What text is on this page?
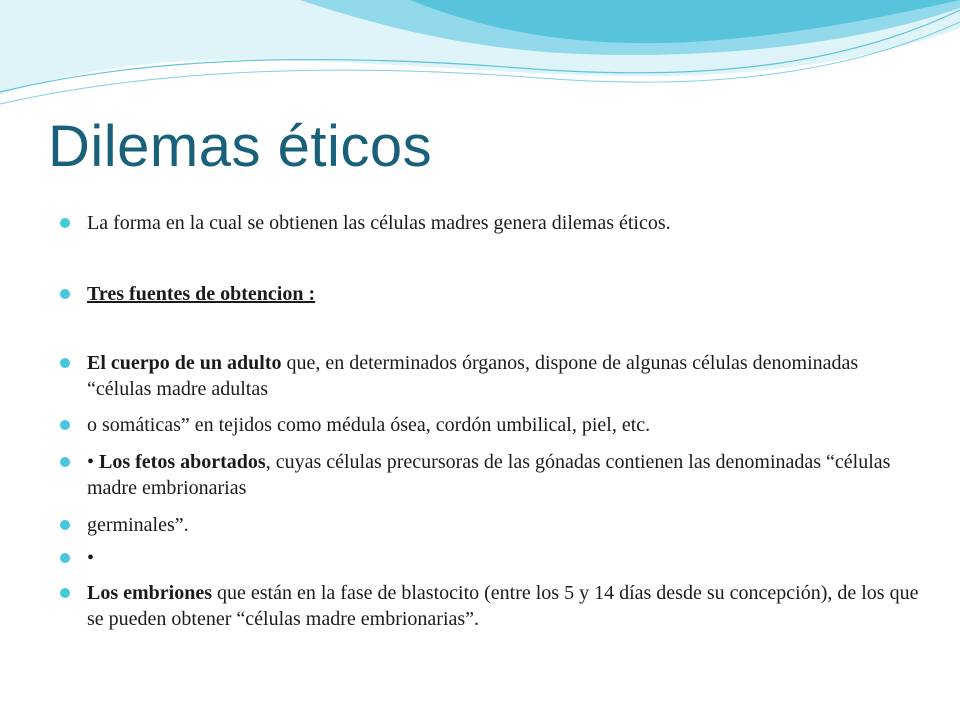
Dilemas éticos
La forma en la cual se obtienen las células madres genera dilemas éticos.
Tres fuentes de obtencion :
El cuerpo de un adulto que, en determinados órganos, dispone de algunas células denominadas “células madre adultas
o somáticas” en tejidos como médula ósea, cordón umbilical, piel, etc.
• Los fetos abortados, cuyas células precursoras de las gónadas contienen las denominadas “células madre embrionarias
germinales”.
•
Los embriones que están en la fase de blastocito (entre los 5 y 14 días desde su concepción), de los que se pueden obtener “células madre embrionarias”.
